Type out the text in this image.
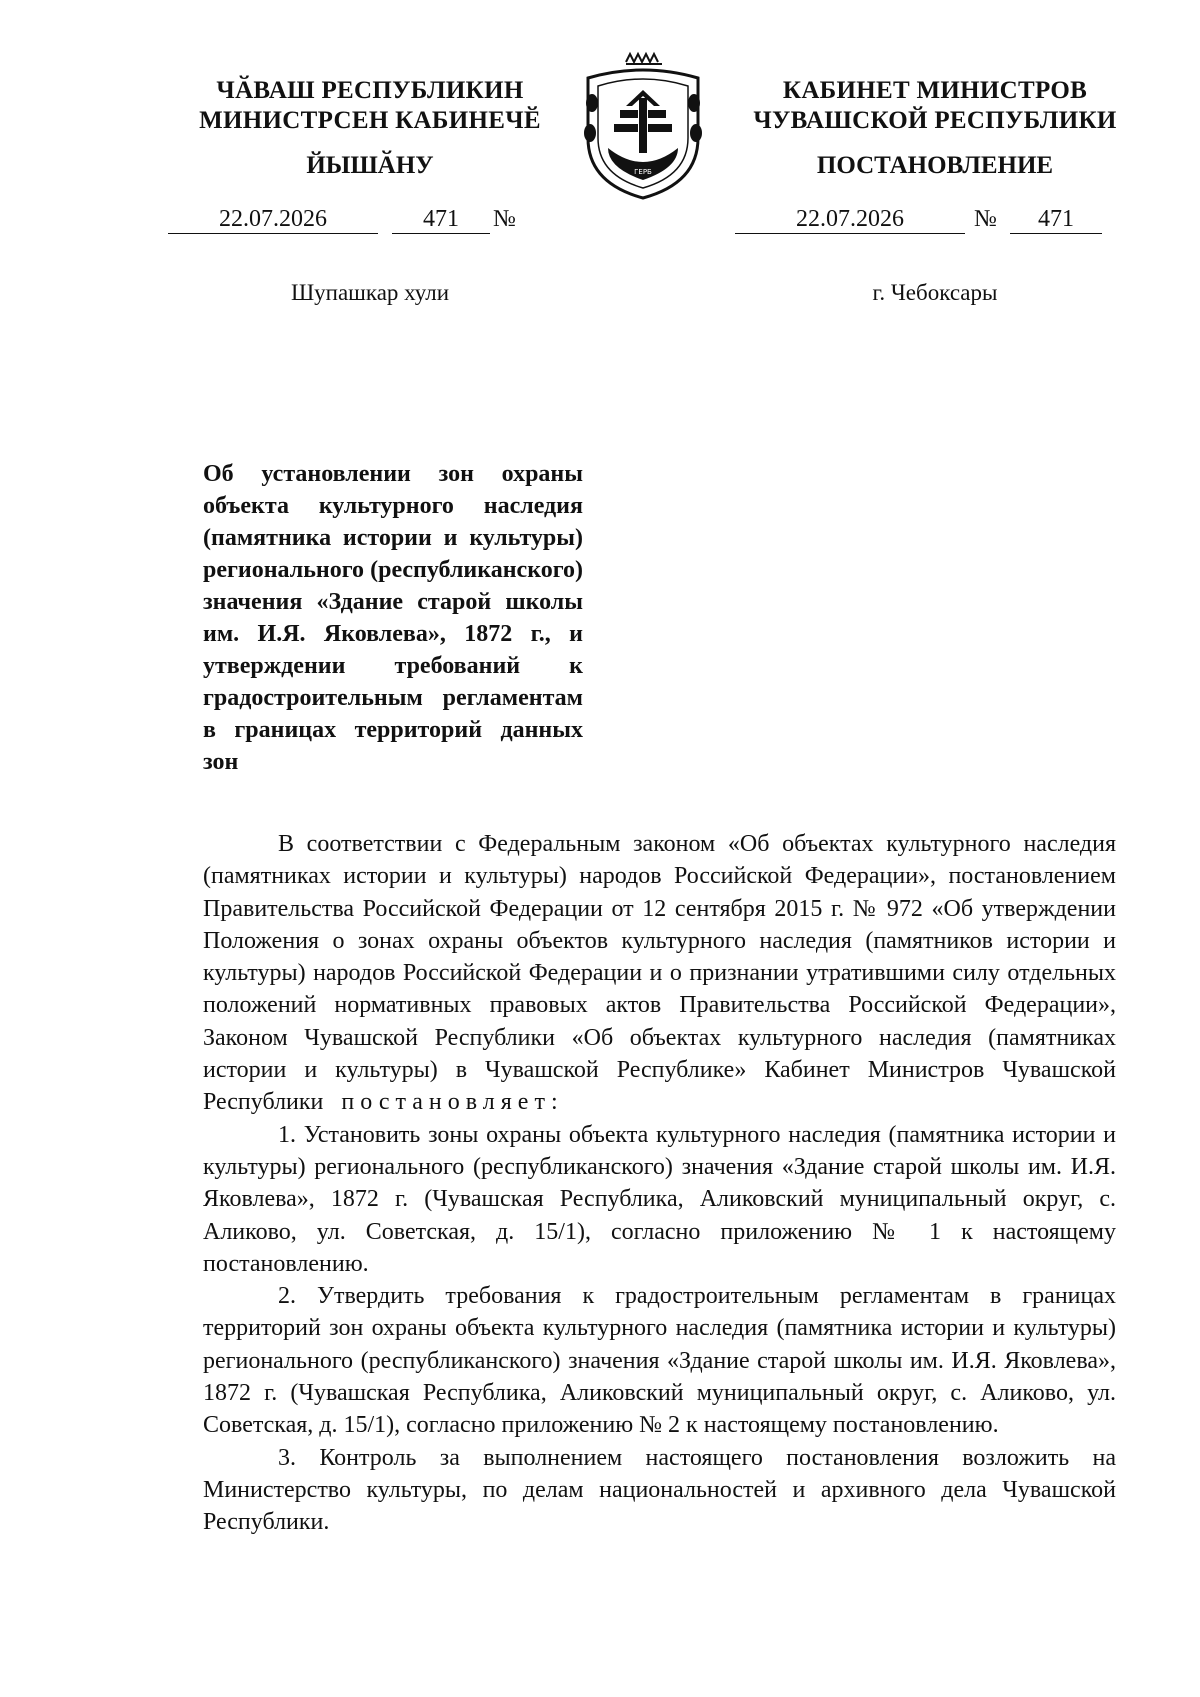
ЧӐВАШ РЕСПУБЛИКИН
МИНИСТРСЕН КАБИНЕЧӖ
ЙЫШӐНУ
22.07.2026	471	№
Шупашкар хули
ГЕРБ
КАБИНЕТ МИНИСТРОВ
ЧУВАШСКОЙ РЕСПУБЛИКИ
ПОСТАНОВЛЕНИЕ
22.07.2026	№	471
г. Чебоксары

Об установлении зон охраны объекта культурного наследия (памятника истории и культуры) регионального (республиканского) значения «Здание старой школы им. И.Я. Яковлева», 1872 г., и утверждении требований к градостроительным регламентам в границах территорий данных зон

В соответствии с Федеральным законом «Об объектах культурного наследия (памятниках истории и культуры) народов Российской Федерации», постановлением Правительства Российской Федерации от 12 сентября 2015 г. № 972 «Об утверждении Положения о зонах охраны объектов культурного наследия (памятников истории и культуры) народов Российской Федерации и о признании утратившими силу отдельных положений нормативных правовых актов Правительства Российской Федерации», Законом Чувашской Республики «Об объектах культурного наследия (памятниках истории и культуры) в Чувашской Республике» Кабинет Министров Чувашской Республики постановляет:

1. Установить зоны охраны объекта культурного наследия (памятника истории и культуры) регионального (республиканского) значения «Здание старой школы им. И.Я. Яковлева», 1872 г. (Чувашская Республика, Аликовский муниципальный округ, с. Аликово, ул. Советская, д. 15/1), согласно приложению № 1 к настоящему постановлению.

2. Утвердить требования к градостроительным регламентам в границах территорий зон охраны объекта культурного наследия (памятника истории и культуры) регионального (республиканского) значения «Здание старой школы им. И.Я. Яковлева», 1872 г. (Чувашская Республика, Аликовский муниципальный округ, с. Аликово, ул. Советская, д. 15/1), согласно приложению № 2 к настоящему постановлению.

3. Контроль за выполнением настоящего постановления возложить на Министерство культуры, по делам национальностей и архивного дела Чувашской Республики.
